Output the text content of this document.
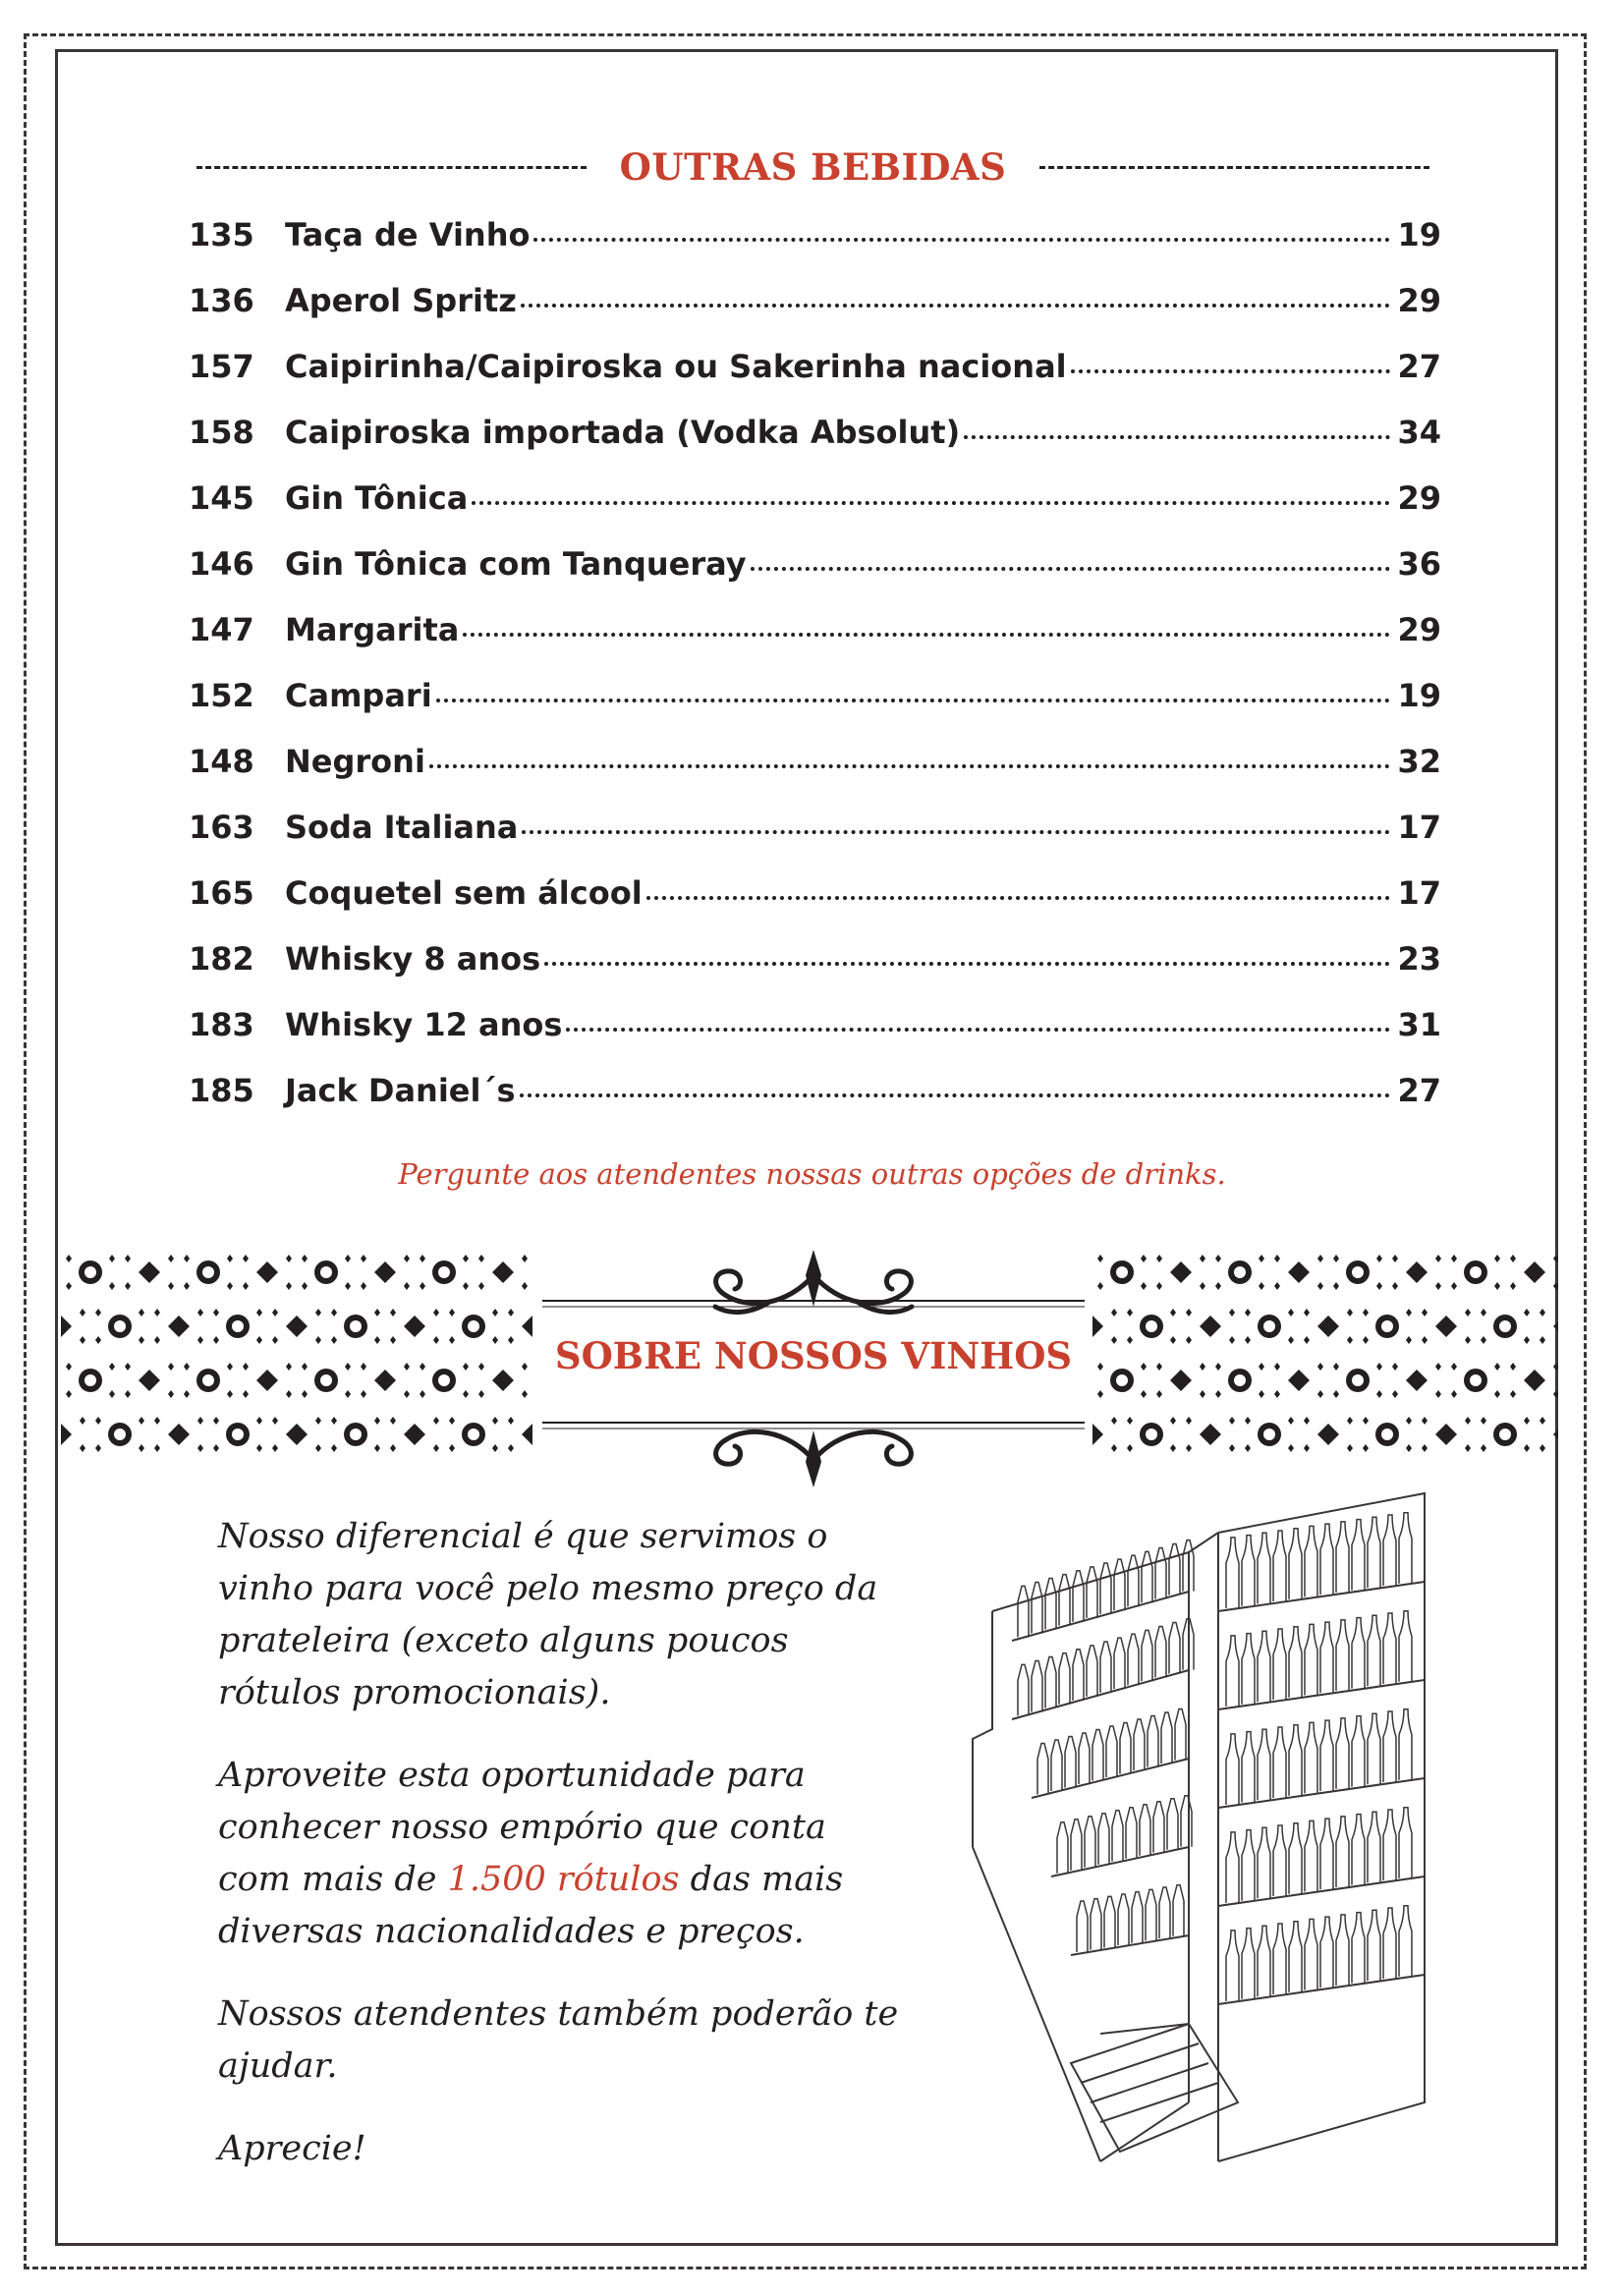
OUTRAS BEBIDAS
135 Taça de Vinho	19
136 Aperol Spritz	29
157 Caipirinha/Caipiroska ou Sakerinha nacional	27
158 Caipiroska importada (Vodka Absolut)	34
145 Gin Tônica	29
146 Gin Tônica com Tanqueray	36
147 Margarita	29
152 Campari	19
148 Negroni	32
163 Soda Italiana	17
165 Coquetel sem álcool	17
182 Whisky 8 anos	23
183 Whisky 12 anos	31
185 Jack Daniel´s	27
Pergunte aos atendentes nossas outras opções de drinks.
SOBRE NOSSOS VINHOS

Nosso diferencial é que servimos o vinho para você pelo mesmo preço da prateleira (exceto alguns poucos rótulos promocionais).

Aproveite esta oportunidade para conhecer nosso empório que conta com mais de 1.500 rótulos das mais diversas nacionalidades e preços.

Nossos atendentes também poderão te ajudar.

Aprecie!
